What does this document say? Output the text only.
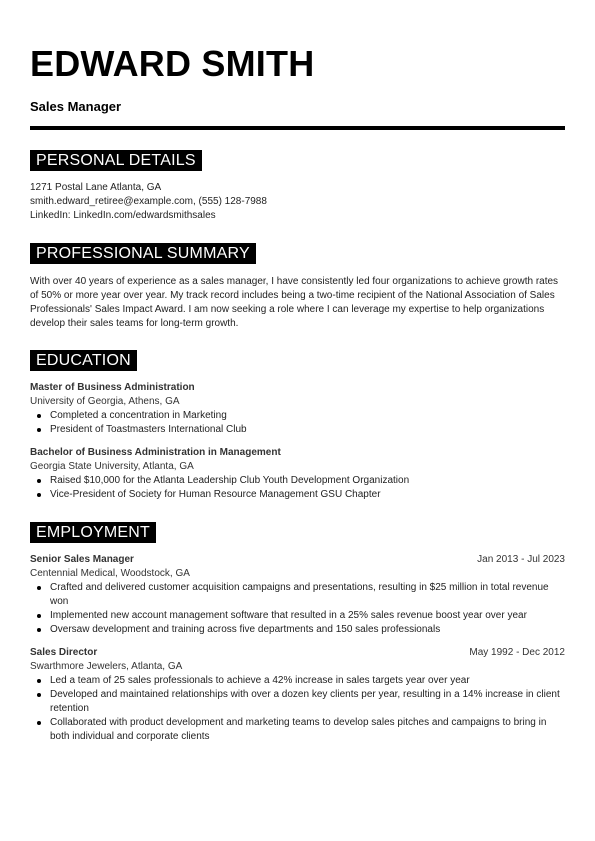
EDWARD SMITH
Sales Manager
PERSONAL DETAILS

1271 Postal Lane Atlanta, GA

smith.edward_retiree@example.com, (555) 128-7988

LinkedIn: LinkedIn.com/edwardsmithsales

PROFESSIONAL SUMMARY

With over 40 years of experience as a sales manager, I have consistently led four organizations to achieve growth rates of 50% or more year over year. My track record includes being a two-time recipient of the National Association of Sales Professionals' Sales Impact Award. I am now seeking a role where I can leverage my expertise to help organizations develop their sales teams for long-term growth.

EDUCATION
Master of Business Administration
University of Georgia, Athens, GA
Completed a concentration in Marketing
President of Toastmasters International Club
Bachelor of Business Administration in Management
Georgia State University, Atlanta, GA
Raised $10,000 for the Atlanta Leadership Club Youth Development Organization
Vice-President of Society for Human Resource Management GSU Chapter
EMPLOYMENT
Senior Sales Manager	Jan 2013 - Jul 2023
Centennial Medical, Woodstock, GA
Crafted and delivered customer acquisition campaigns and presentations, resulting in $25 million in total revenue won
Implemented new account management software that resulted in a 25% sales revenue boost year over year
Oversaw development and training across five departments and 150 sales professionals
Sales Director	May 1992 - Dec 2012
Swarthmore Jewelers, Atlanta, GA
Led a team of 25 sales professionals to achieve a 42% increase in sales targets year over year
Developed and maintained relationships with over a dozen key clients per year, resulting in a 14% increase in client retention
Collaborated with product development and marketing teams to develop sales pitches and campaigns to bring in both individual and corporate clients
